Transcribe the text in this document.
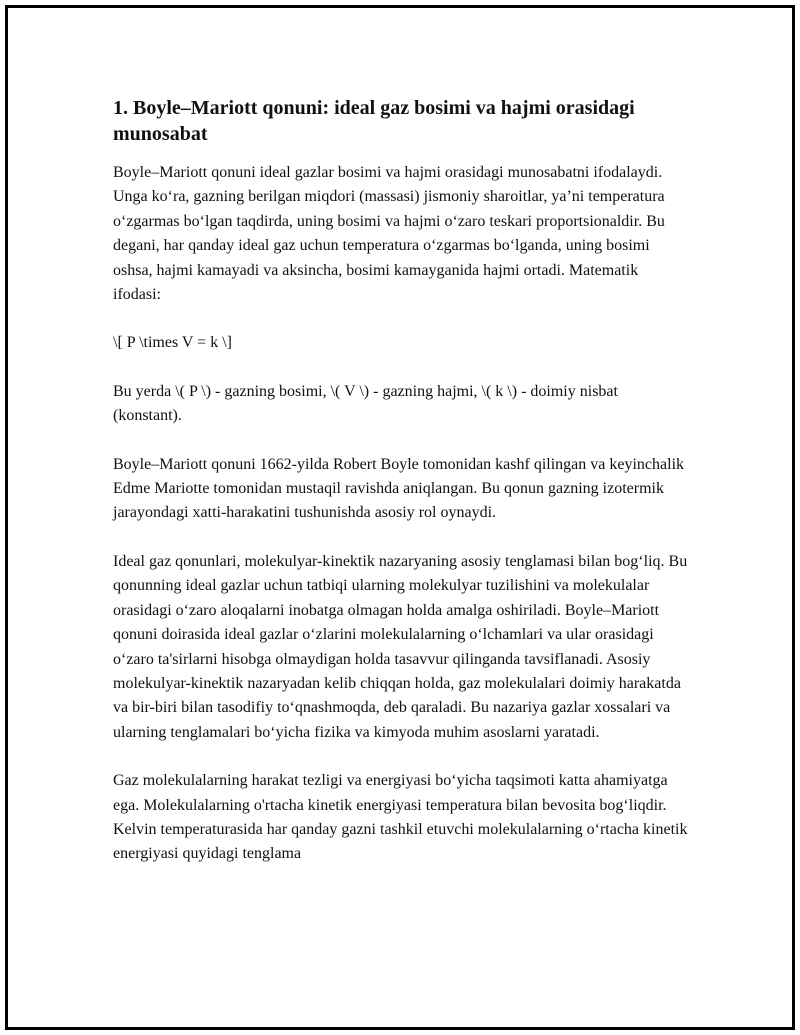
1. Boyle–Mariott qonuni: ideal gaz bosimi va hajmi orasidagi munosabat

Boyle–Mariott qonuni ideal gazlar bosimi va hajmi orasidagi munosabatni ifodalaydi. Unga ko‘ra, gazning berilgan miqdori (massasi) jismoniy sharoitlar, ya’ni temperatura o‘zgarmas bo‘lgan taqdirda, uning bosimi va hajmi o‘zaro teskari proportsionaldir. Bu degani, har qanday ideal gaz uchun temperatura o‘zgarmas bo‘lganda, uning bosimi oshsa, hajmi kamayadi va aksincha, bosimi kamayganida hajmi ortadi. Matematik ifodasi:

\[ P \times V = k \]

Bu yerda \( P \) - gazning bosimi, \( V \) - gazning hajmi, \( k \) - doimiy nisbat (konstant).

Boyle–Mariott qonuni 1662-yilda Robert Boyle tomonidan kashf qilingan va keyinchalik Edme Mariotte tomonidan mustaqil ravishda aniqlangan. Bu qonun gazning izotermik jarayondagi xatti-harakatini tushunishda asosiy rol oynaydi.

Ideal gaz qonunlari, molekulyar-kinektik nazaryaning asosiy tenglamasi bilan bog‘liq. Bu qonunning ideal gazlar uchun tatbiqi ularning molekulyar tuzilishini va molekulalar orasidagi o‘zaro aloqalarni inobatga olmagan holda amalga oshiriladi. Boyle–Mariott qonuni doirasida ideal gazlar o‘zlarini molekulalarning o‘lchamlari va ular orasidagi o‘zaro ta'sirlarni hisobga olmaydigan holda tasavvur qilinganda tavsiflanadi. Asosiy molekulyar-kinektik nazaryadan kelib chiqqan holda, gaz molekulalari doimiy harakatda va bir-biri bilan tasodifiy to‘qnashmoqda, deb qaraladi. Bu nazariya gazlar xossalari va ularning tenglamalari bo‘yicha fizika va kimyoda muhim asoslarni yaratadi.

Gaz molekulalarning harakat tezligi va energiyasi bo‘yicha taqsimoti katta ahamiyatga ega. Molekulalarning o'rtacha kinetik energiyasi temperatura bilan bevosita bog‘liqdir. Kelvin temperaturasida har qanday gazni tashkil etuvchi molekulalarning o‘rtacha kinetik energiyasi quyidagi tenglama
